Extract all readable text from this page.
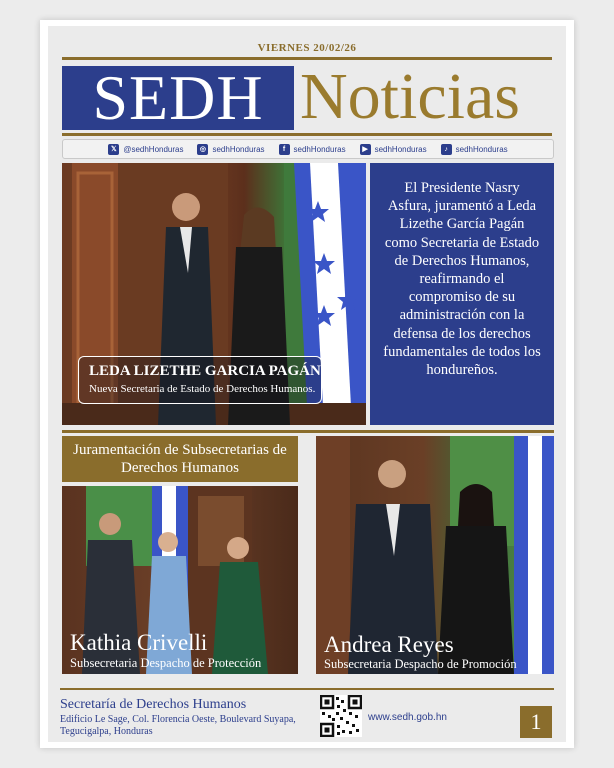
VIERNES 20/02/26
SEDH Noticias
𝕏 @sedhHonduras	◎ sedhHonduras	f	sedhHonduras	▶ sedhHonduras	♪ sedhHonduras
LEDA LIZETHE GARCIA PAGÁN
Nueva Secretaria de Estado de Derechos Humanos.
El Presidente Nasry Asfura, juramentó a Leda Lizethe García Pagán como Secretaria de Estado de Derechos Humanos, reafirmando el compromiso de su administración con la defensa de los derechos fundamentales de todos los hondureños.
Juramentación de Subsecretarias de Derechos Humanos
Kathia Crivelli
Subsecretaria Despacho de Protección
Andrea Reyes
Subsecretaria Despacho de Promoción
Secretaría de Derechos Humanos
Edificio Le Sage, Col. Florencia Oeste, Boulevard Suyapa, Tegucigalpa, Honduras
www.sedh.gob.hn	1
